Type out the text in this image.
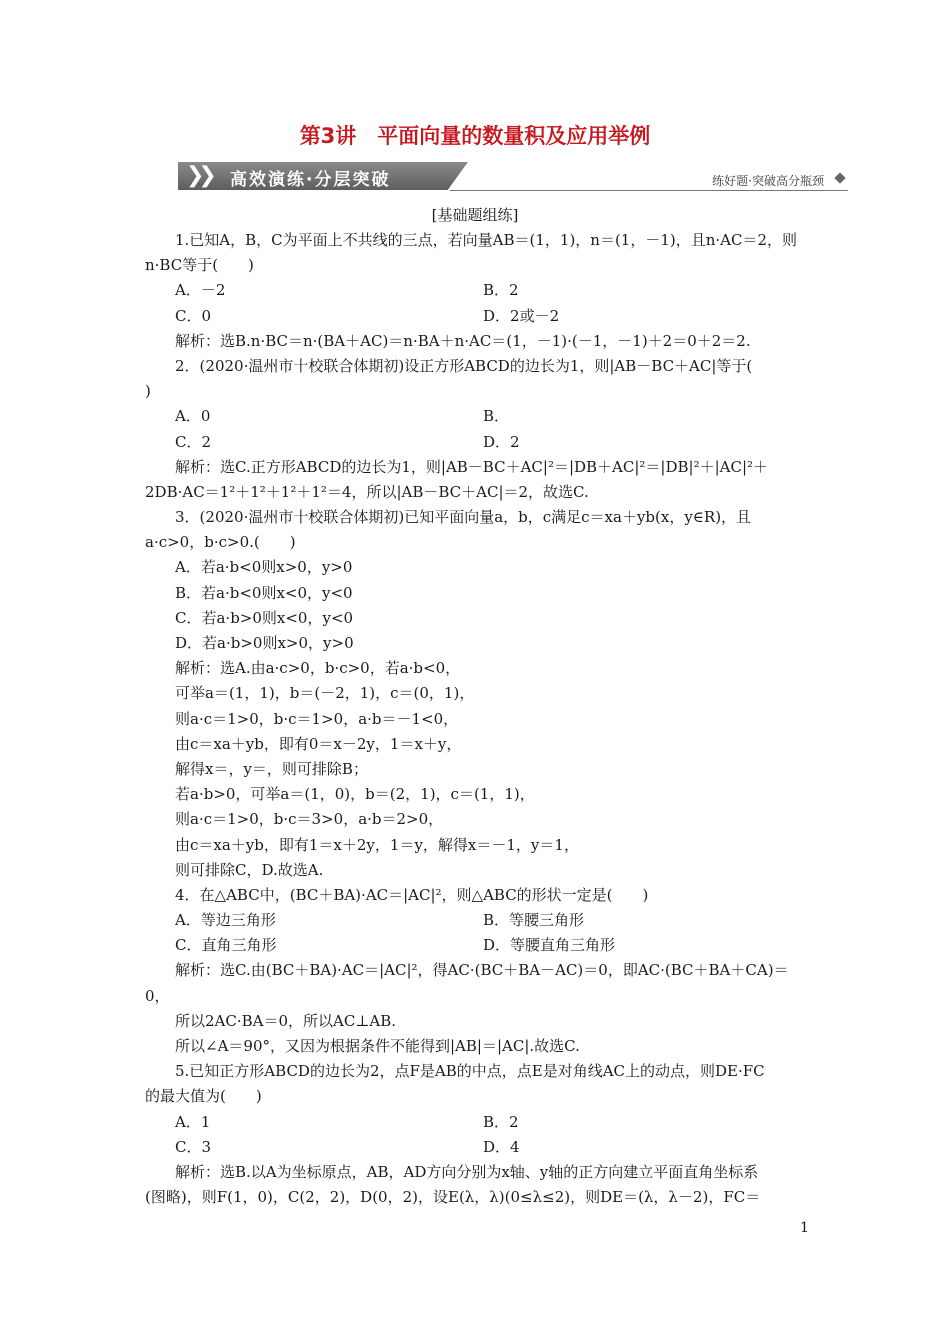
第3讲　平面向量的数量积及应用举例
❯❯ 高效演练·分层突破	练好题·突破高分瓶颈
[基础题组练]
1.已知A，B，C为平面上不共线的三点，若向量AB＝(1，1)，n＝(1，－1)，且n·AC＝2，则
n·BC等于(　　)
A．－2	B．2
C．0	D．2或－2
解析：选B.n·BC＝n·(BA＋AC)＝n·BA＋n·AC＝(1，－1)·(－1，－1)＋2＝0＋2＝2.
2．(2020·温州市十校联合体期初)设正方形ABCD的边长为1，则|AB－BC＋AC|等于(
)
A．0	B．
C．2	D．2
解析：选C.正方形ABCD的边长为1，则|AB－BC＋AC|²＝|DB＋AC|²＝|DB|²＋|AC|²＋
2DB·AC＝1²＋1²＋1²＋1²＝4，所以|AB－BC＋AC|＝2，故选C.
3．(2020·温州市十校联合体期初)已知平面向量a，b，c满足c＝xa＋yb(x，y∈R)，且
a·c>0，b·c>0.(　　)
A．若a·b<0则x>0，y>0
B．若a·b<0则x<0，y<0
C．若a·b>0则x<0，y<0
D．若a·b>0则x>0，y>0
解析：选A.由a·c>0，b·c>0，若a·b<0，
可举a＝(1，1)，b＝(－2，1)，c＝(0，1)，
则a·c＝1>0，b·c＝1>0，a·b＝－1<0，
由c＝xa＋yb，即有0＝x－2y，1＝x＋y，
解得x＝，y＝，则可排除B；
若a·b>0，可举a＝(1，0)，b＝(2，1)，c＝(1，1)，
则a·c＝1>0，b·c＝3>0，a·b＝2>0，
由c＝xa＋yb，即有1＝x＋2y，1＝y，解得x＝－1，y＝1，
则可排除C，D.故选A.
4．在△ABC中，(BC＋BA)·AC＝|AC|²，则△ABC的形状一定是(　　)
A．等边三角形	B．等腰三角形
C．直角三角形	D．等腰直角三角形
解析：选C.由(BC＋BA)·AC＝|AC|²，得AC·(BC＋BA－AC)＝0，即AC·(BC＋BA＋CA)＝
0，
所以2AC·BA＝0，所以AC⊥AB.
所以∠A＝90°，又因为根据条件不能得到|AB|＝|AC|.故选C.
5.已知正方形ABCD的边长为2，点F是AB的中点，点E是对角线AC上的动点，则DE·FC
的最大值为(　　)
A．1	B．2
C．3	D．4
解析：选B.以A为坐标原点，AB，AD方向分别为x轴、y轴的正方向建立平面直角坐标系
(图略)，则F(1，0)，C(2，2)，D(0，2)，设E(λ，λ)(0≤λ≤2)，则DE＝(λ，λ－2)，FC＝
1
